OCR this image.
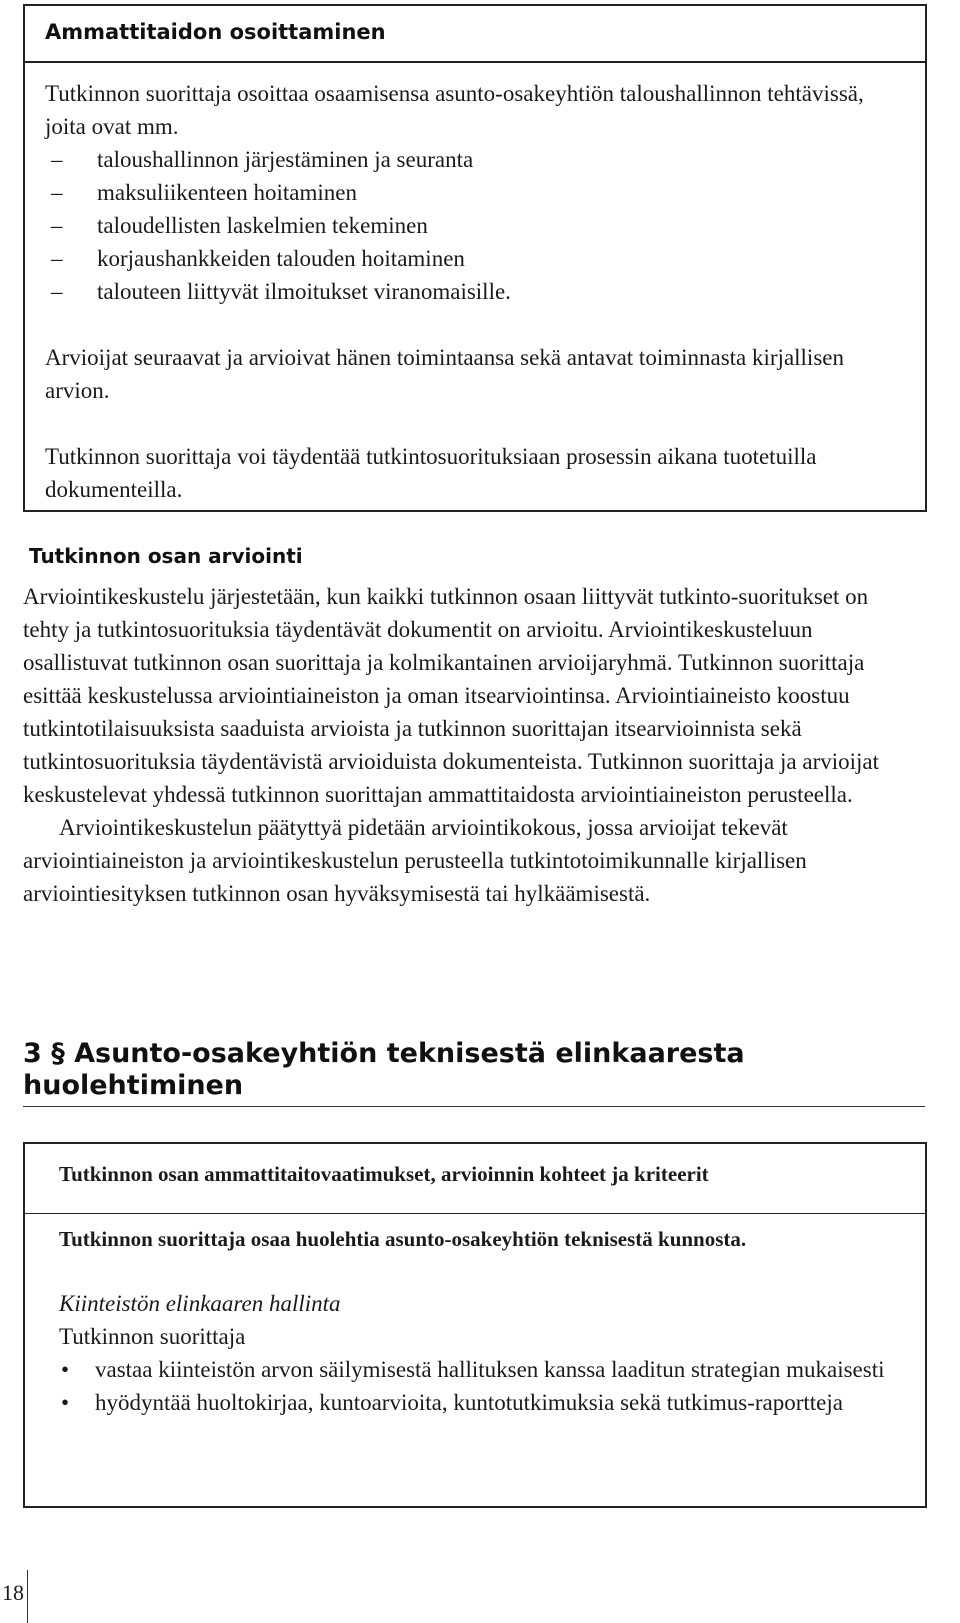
Ammattitaidon osoittaminen

Tutkinnon suorittaja osoittaa osaamisensa asunto-osakeyhtiön taloushallinnon tehtävissä, joita ovat mm.

– taloushallinnon järjestäminen ja seuranta
– maksuliikenteen hoitaminen
– taloudellisten laskelmien tekeminen
– korjaushankkeiden talouden hoitaminen
– talouteen liittyvät ilmoitukset viranomaisille.

Arvioijat seuraavat ja arvioivat hänen toimintaansa sekä antavat toiminnasta kirjallisen arvion.

Tutkinnon suorittaja voi täydentää tutkintosuorituksiaan prosessin aikana tuotetuilla dokumenteilla.

Tutkinnon osan arviointi

Arviointikeskustelu järjestetään, kun kaikki tutkinnon osaan liittyvät tutkinto-suoritukset on tehty ja tutkintosuorituksia täydentävät dokumentit on arvioitu. Arviointikeskusteluun osallistuvat tutkinnon osan suorittaja ja kolmikantainen arvioijaryhmä. Tutkinnon suorittaja esittää keskustelussa arviointiaineiston ja oman itsearviointinsa. Arviointiaineisto koostuu tutkintotilaisuuksista saaduista arvioista ja tutkinnon suorittajan itsearvioinnista sekä tutkintosuorituksia täydentävistä arvioiduista dokumenteista. Tutkinnon suorittaja ja arvioijat keskustelevat yhdessä tutkinnon suorittajan ammattitaidosta arviointiaineiston perusteella.

Arviointikeskustelun päätyttyä pidetään arviointikokous, jossa arvioijat tekevät arviointiaineiston ja arviointikeskustelun perusteella tutkintotoimikunnalle kirjallisen arviointiesityksen tutkinnon osan hyväksymisestä tai hylkäämisestä.

3 § Asunto-osakeyhtiön teknisestä elinkaaresta huolehtiminen

Tutkinnon osan ammattitaitovaatimukset, arvioinnin kohteet ja kriteerit

Tutkinnon suorittaja osaa huolehtia asunto-osakeyhtiön teknisestä kunnosta.

Kiinteistön elinkaaren hallinta

Tutkinnon suorittaja

• vastaa kiinteistön arvon säilymisestä hallituksen kanssa laaditun strategian mukaisesti
• hyödyntää huoltokirjaa, kuntoarvioita, kuntotutkimuksia sekä tutkimus-raportteja
18
